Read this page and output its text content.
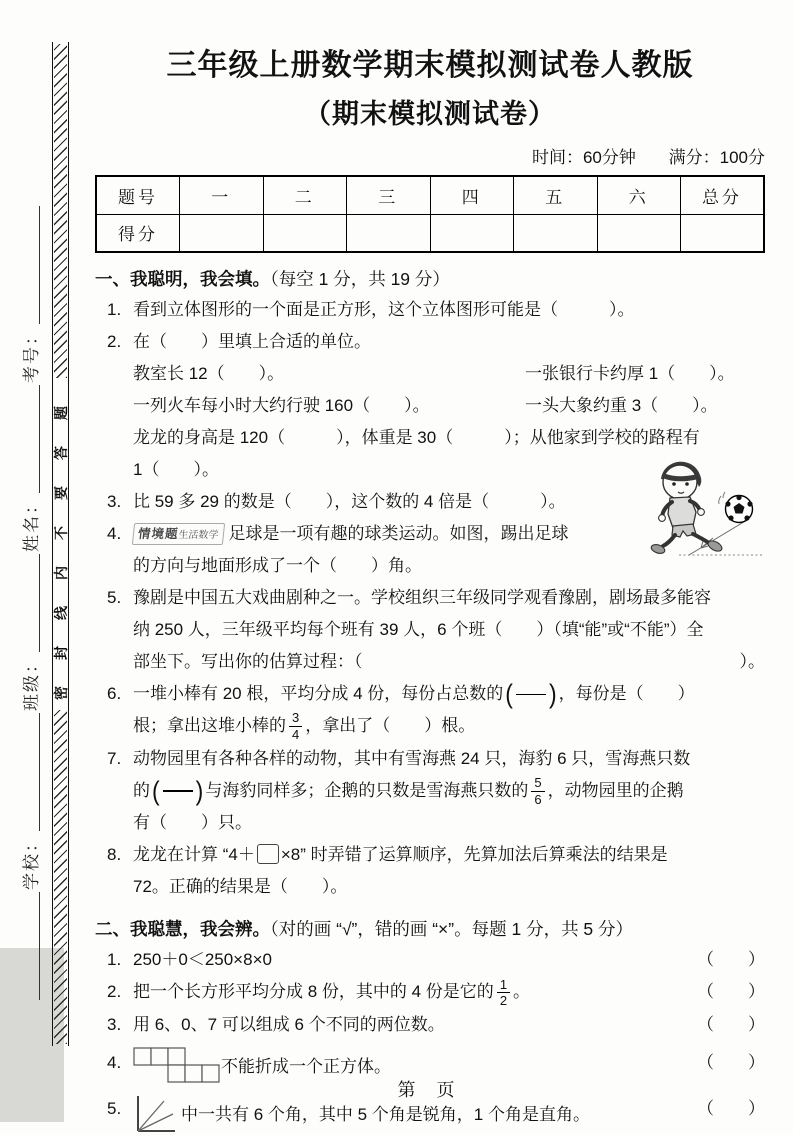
学校：
班级：
姓名：
考号：
密封线内不要答题
三年级上册数学期末模拟测试卷人教版
（期末模拟测试卷）
时间：60分钟 满分：100分
题号	一	二	三	四	五	六	总分
得分							
一、我聪明，我会填。（每空 1 分，共 19 分）
1. 看到立体图形的一个面是正方形，这个立体图形可能是（　　　）。
2. 在（　　）里填上合适的单位。
教室长 12（　　）。	一张银行卡约厚 1（　　）。
一列火车每小时大约行驶 160（　　）。	一头大象约重 3（　　）。
龙龙的身高是 120（　　　），体重是 30（　　　）；从他家到学校的路程有
1（　　）。
3. 比 59 多 29 的数是（　　），这个数的 4 倍是（　　　）。
4.	情境题生活数学 足球是一项有趣的球类运动。如图，踢出足球
的方向与地面形成了一个（　　）角。
5. 豫剧是中国五大戏曲剧种之一。学校组织三年级同学观看豫剧，剧场最多能容
纳 250 人，三年级平均每个班有 39 人，6 个班（　　）（填“能”或“不能”）全
部坐下。写出你的估算过程：（	）。
6. 一堆小棒有 20 根，平均分成 4 份，每份占总数的 ( ) ，每份是（　　）
根；拿出这堆小棒的 $\frac{3}{4}$ ，拿出了（　　）根。
7. 动物园里有各种各样的动物，其中有雪海燕 24 只，海豹 6 只，雪海燕只数
的 ( ) 与海豹同样多；企鹅的只数是雪海燕只数的 $\frac{5}{6}$ ，动物园里的企鹅
有（　　）只。
8. 龙龙在计算 “4＋ ×8” 时弄错了运算顺序，先算加法后算乘法的结果是
72。正确的结果是（　　）。
二、我聪慧，我会辨。（对的画 “√”，错的画 “×”。每题 1 分，共 5 分）
1. 250＋0＜250×8×0	（　　）
2. 把一个长方形平均分成 8 份，其中的 4 份是它的 $\frac{1}{2}$ 。	（　　）
3. 用 6、0、7 可以组成 6 个不同的两位数。	（　　）
4.	不能折成一个正方体。	（　　）
5.	中一共有 6 个角，其中 5 个角是锐角，1 个角是直角。	（　　）
第 页
